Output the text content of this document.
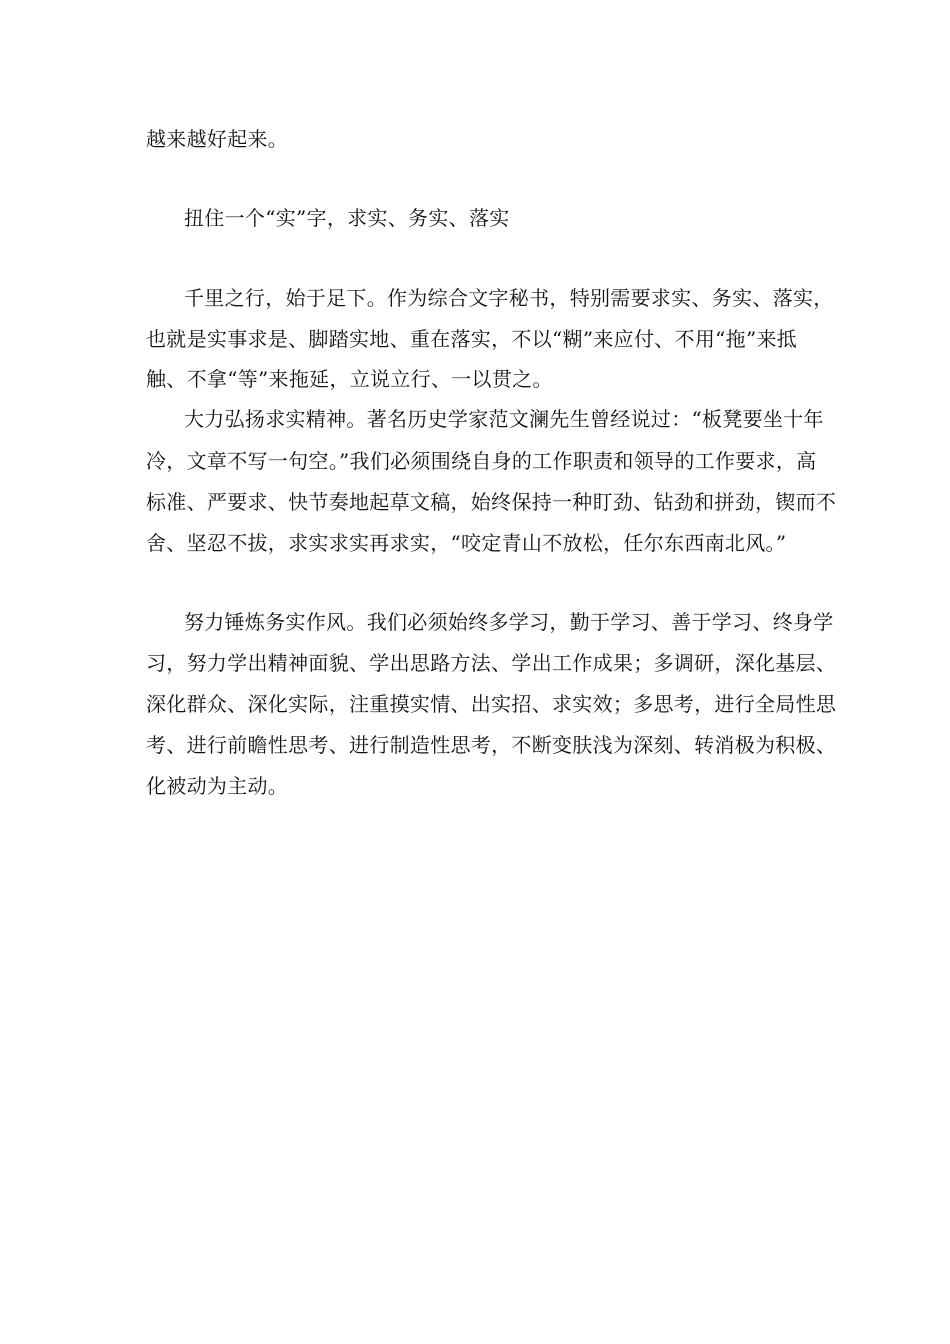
越来越好起来。
扭住一个“实”字，求实、务实、落实
千里之行，始于足下。作为综合文字秘书，特别需要求实、务实、落实，
也就是实事求是、脚踏实地、重在落实，不以“糊”来应付、不用“拖”来抵
触、不拿“等”来拖延，立说立行、一以贯之。
大力弘扬求实精神。著名历史学家范文澜先生曾经说过：“板凳要坐十年
冷，文章不写一句空。”我们必须围绕自身的工作职责和领导的工作要求，高
标准、严要求、快节奏地起草文稿，始终保持一种盯劲、钻劲和拼劲，锲而不
舍、坚忍不拔，求实求实再求实，“咬定青山不放松，任尔东西南北风。”
努力锤炼务实作风。我们必须始终多学习，勤于学习、善于学习、终身学
习，努力学出精神面貌、学出思路方法、学出工作成果；多调研，深化基层、
深化群众、深化实际，注重摸实情、出实招、求实效；多思考，进行全局性思
考、进行前瞻性思考、进行制造性思考，不断变肤浅为深刻、转消极为积极、
化被动为主动。
